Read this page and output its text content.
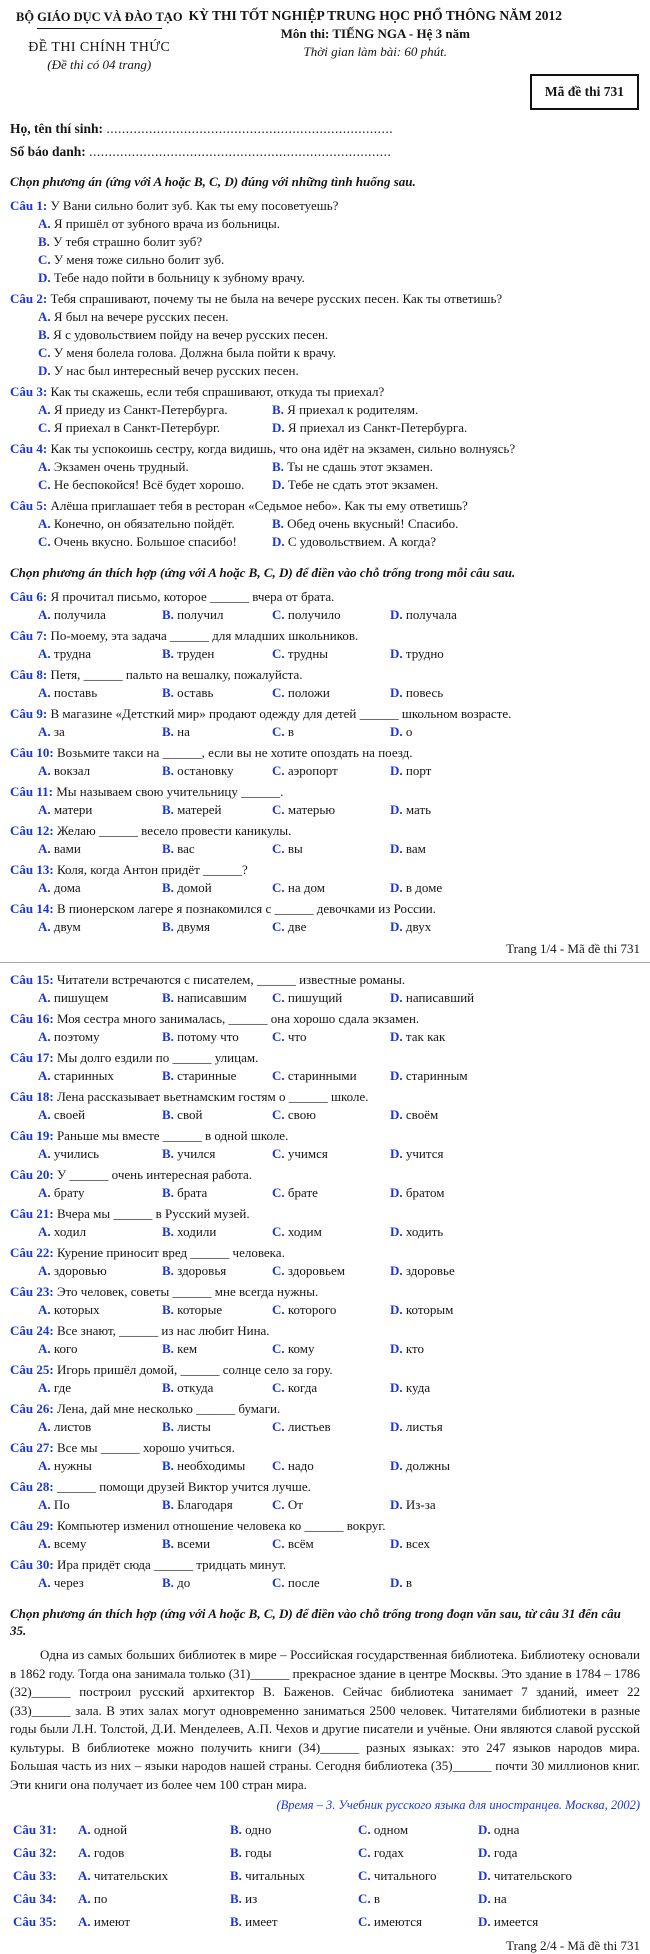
BỘ GIÁO DỤC VÀ ĐÀO TẠO
ĐỀ THI CHÍNH THỨC
(Đề thi có 04 trang)
KỲ THI TỐT NGHIỆP TRUNG HỌC PHỔ THÔNG NĂM 2012
Môn thi: TIẾNG NGA - Hệ 3 năm
Thời gian làm bài: 60 phút.
Mã đề thi 731
Họ, tên thí sinh: ..........................................................................
Số báo danh: ..............................................................................
Chọn phương án (ứng với A hoặc B, C, D) đúng với những tình huống sau.
Câu 1: У Вани сильно болит зуб. Как ты ему посоветуешь?
A. Я пришёл от зубного врача из больницы.
B. У тебя страшно болит зуб?
C. У меня тоже сильно болит зуб.
D. Тебе надо пойти в больницу к зубному врачу.
Câu 2: Тебя спрашивают, почему ты не была на вечере русских песен. Как ты ответишь?
A. Я был на вечере русских песен.
B. Я с удовольствием пойду на вечер русских песен.
C. У меня болела голова. Должна была пойти к врачу.
D. У нас был интересный вечер русских песен.
Câu 3: Как ты скажешь, если тебя спрашивают, откуда ты приехал?
A. Я приеду из Санкт-Петербурга.	B. Я приехал к родителям.
C. Я приехал в Санкт-Петербург.	D. Я приехал из Санкт-Петербурга.
Câu 4: Как ты успокоишь сестру, когда видишь, что она идёт на экзамен, сильно волнуясь?
A. Экзамен очень трудный.	B. Ты не сдашь этот экзамен.
C. Не беспокойся! Всё будет хорошо.	D. Тебе не сдать этот экзамен.
Câu 5: Алёша приглашает тебя в ресторан «Седьмое небо». Как ты ему ответишь?
A. Конечно, он обязательно пойдёт.	B. Обед очень вкусный! Спасибо.
C. Очень вкусно. Большое спасибо!	D. С удовольствием. А когда?
Chọn phương án thích hợp (ứng với A hoặc B, C, D) để điền vào chỗ trống trong mỗi câu sau.
Câu 6: Я прочитал письмо, которое ______ вчера от брата.
A. получила	B. получил	C. получило	D. получала
Câu 7: По-моему, эта задача ______ для младших школьников.
A. трудна	B. труден	C. трудны	D. трудно
Câu 8: Петя, ______ пальто на вешалку, пожалуйста.
A. поставь	B. оставь	C. положи	D. повесь
Câu 9: В магазине «Детсткий мир» продают одежду для детей ______ школьном возрасте.
A. за	B. на	C. в	D. о
Câu 10: Возьмите такси на ______, если вы не хотите опоздать на поезд.
A. вокзал	B. остановку	C. аэропорт	D. порт
Câu 11: Мы называем свою учительницу ______.
A. матери	B. матерей	C. матерью	D. мать
Câu 12: Желаю ______ весело провести каникулы.
A. вами	B. вас	C. вы	D. вам
Câu 13: Коля, когда Антон придёт ______?
A. дома	B. домой	C. на дом	D. в доме
Câu 14: В пионерском лагере я познакомился с ______ девочками из России.
A. двум	B. двумя	C. две	D. двух
Trang 1/4 - Mã đề thi 731
Câu 15: Читатели встречаются с писателем, ______ известные романы.
A. пишущем	B. написавшим	C. пишущий	D. написавший
Câu 16: Моя сестра много занималась, ______ она хорошо сдала экзамен.
A. поэтому	B. потому что	C. что	D. так как
Câu 17: Мы долго ездили по ______ улицам.
A. старинных	B. старинные	C. старинными	D. старинным
Câu 18: Лена рассказывает вьетнамским гостям о ______ школе.
A. своей	B. свой	C. свою	D. своём
Câu 19: Раньше мы вместе ______ в одной школе.
A. учились	B. учился	C. учимся	D. учится
Câu 20: У ______ очень интересная работа.
A. брату	B. брата	C. брате	D. братом
Câu 21: Вчера мы ______ в Русский музей.
A. ходил	B. ходили	C. ходим	D. ходить
Câu 22: Курение приносит вред ______ человека.
A. здоровью	B. здоровья	C. здоровьем	D. здоровье
Câu 23: Это человек, советы ______ мне всегда нужны.
A. которых	B. которые	C. которого	D. которым
Câu 24: Все знают, ______ из нас любит Нина.
A. кого	B. кем	C. кому	D. кто
Câu 25: Игорь пришёл домой, ______ солнце село за гору.
A. где	B. откуда	C. когда	D. куда
Câu 26: Лена, дай мне несколько ______ бумаги.
A. листов	B. листы	C. листьев	D. листья
Câu 27: Все мы ______ хорошо учиться.
A. нужны	B. необходимы	C. надо	D. должны
Câu 28: ______ помощи друзей Виктор учится лучше.
A. По	B. Благодаря	C. От	D. Из-за
Câu 29: Компьютер изменил отношение человека ко ______ вокруг.
A. всему	B. всеми	C. всём	D. всех
Câu 30: Ира придёт сюда ______ тридцать минут.
A. через	B. до	C. после	D. в
Chọn phương án thích hợp (ứng với A hoặc B, C, D) để điền vào chỗ trống trong đoạn văn sau, từ câu 31 đến câu 35.
Одна из самых больших библиотек в мире – Российская государственная библиотека. Библиотеку основали в 1862 году. Тогда она занимала только (31)______ прекрасное здание в центре Москвы. Это здание в 1784 – 1786 (32)______ построил русский архитектор В. Баженов. Сейчас библиотека занимает 7 зданий, имеет 22 (33)______ зала. В этих залах могут одновременно заниматься 2500 человек. Читателями библиотеки в разные годы были Л.Н. Толстой, Д.И. Менделеев, А.П. Чехов и другие писатели и учёные. Они являются славой русской культуры. В библиотеке можно получить книги (34)______ разных языках: это 247 языков народов мира. Большая часть из них – языки народов нашей страны. Сегодня библиотека (35)______ почти 30 миллионов книг. Эти книги она получает из более чем 100 стран мира.
(Время – 3. Учебник русского языка для иностранцев. Москва, 2002)
Câu 31:	A. одной	B. одно	C. одном	D. одна
Câu 32:	A. годов	B. годы	C. годах	D. года
Câu 33:	A. читательских	B. читальных	C. читального	D. читательского
Câu 34:	A. по	B. из	C. в	D. на
Câu 35:	A. имеют	B. имеет	C. имеются	D. имеется
Trang 2/4 - Mã đề thi 731
